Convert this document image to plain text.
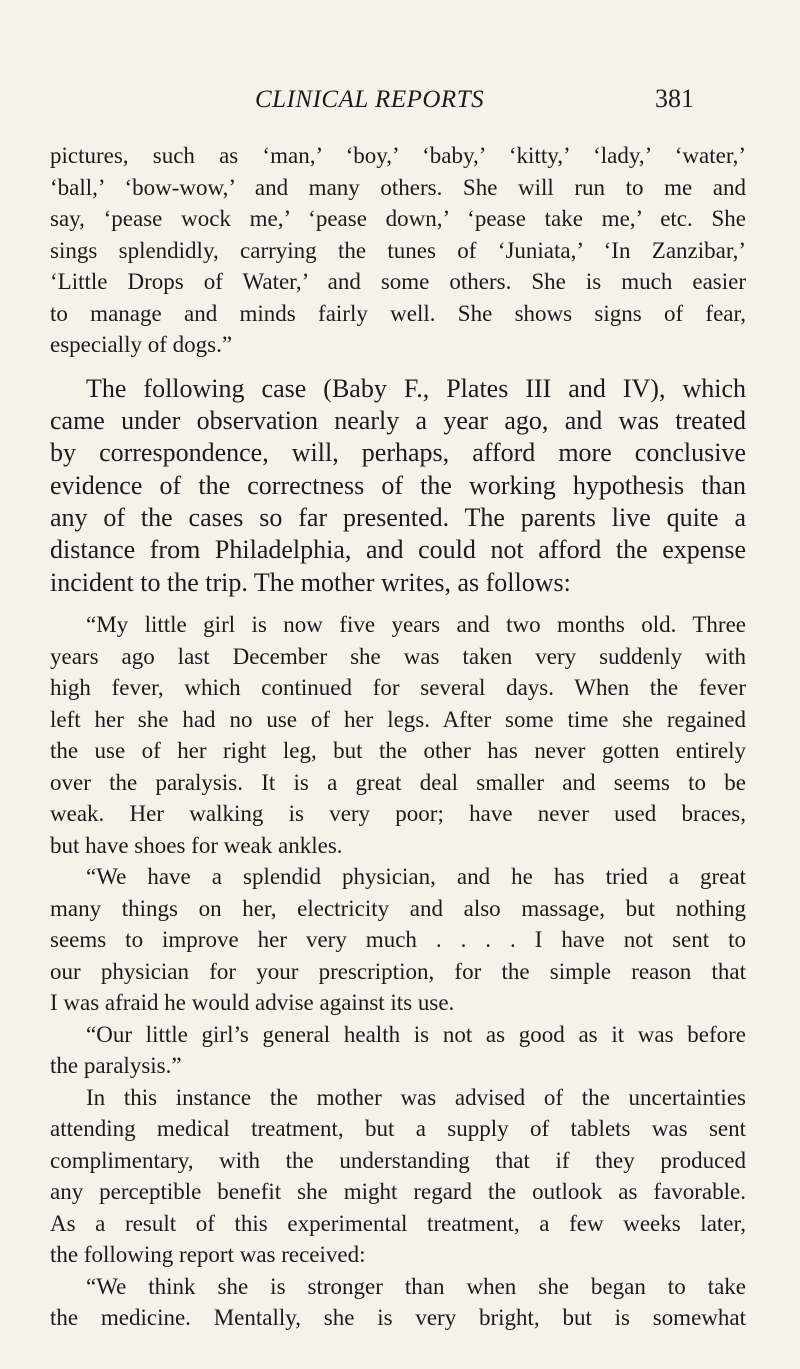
CLINICAL REPORTS	381
pictures, such as ‘man,’ ‘boy,’ ‘baby,’ ‘kitty,’ ‘lady,’ ‘water,’
‘ball,’ ‘bow-wow,’ and many others. She will run to me and
say, ‘pease wock me,’ ‘pease down,’ ‘pease take me,’ etc. She
sings splendidly, carrying the tunes of ‘Juniata,’ ‘In Zanzibar,’
‘Little Drops of Water,’ and some others. She is much easier
to manage and minds fairly well. She shows signs of fear,
especially of dogs.”
The following case (Baby F., Plates III and IV), which
came under observation nearly a year ago, and was treated
by correspondence, will, perhaps, afford more conclusive
evidence of the correctness of the working hypothesis than
any of the cases so far presented. The parents live quite a
distance from Philadelphia, and could not afford the expense
incident to the trip. The mother writes, as follows:
“My little girl is now five years and two months old. Three
years ago last December she was taken very suddenly with
high fever, which continued for several days. When the fever
left her she had no use of her legs. After some time she regained
the use of her right leg, but the other has never gotten entirely
over the paralysis. It is a great deal smaller and seems to be
weak. Her walking is very poor; have never used braces,
but have shoes for weak ankles.
“We have a splendid physician, and he has tried a great
many things on her, electricity and also massage, but nothing
seems to improve her very much . . . . I have not sent to
our physician for your prescription, for the simple reason that
I was afraid he would advise against its use.
“Our little girl’s general health is not as good as it was before
the paralysis.”
In this instance the mother was advised of the uncertainties
attending medical treatment, but a supply of tablets was sent
complimentary, with the understanding that if they produced
any perceptible benefit she might regard the outlook as favorable.
As a result of this experimental treatment, a few weeks later,
the following report was received:
“We think she is stronger than when she began to take
the medicine. Mentally, she is very bright, but is somewhat
